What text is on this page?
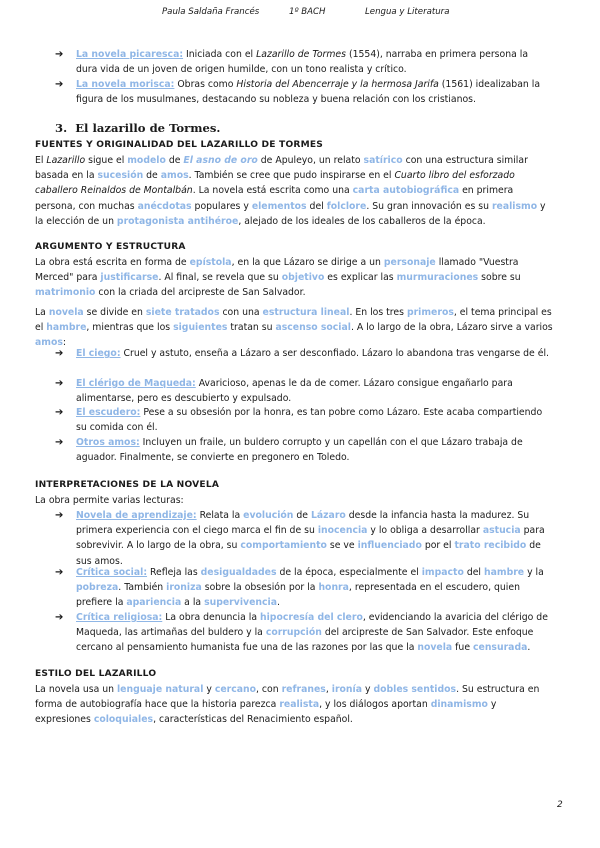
Paula Saldaña Francés	1º BACH	Lengua y Literatura
➔ La novela picaresca: Iniciada con el Lazarillo de Tormes (1554), narraba en primera persona la dura vida de un joven de origen humilde, con un tono realista y crítico.
➔ La novela morisca: Obras como Historia del Abencerraje y la hermosa Jarifa (1561) idealizaban la figura de los musulmanes, destacando su nobleza y buena relación con los cristianos.
3. El lazarillo de Tormes.
FUENTES Y ORIGINALIDAD DEL LAZARILLO DE TORMES
El Lazarillo sigue el modelo de El asno de oro de Apuleyo, un relato satírico con una estructura similar basada en la sucesión de amos. También se cree que pudo inspirarse en el Cuarto libro del esforzado caballero Reinaldos de Montalbán. La novela está escrita como una carta autobiográfica en primera persona, con muchas anécdotas populares y elementos del folclore. Su gran innovación es su realismo y la elección de un protagonista antihéroe, alejado de los ideales de los caballeros de la época.
ARGUMENTO Y ESTRUCTURA
La obra está escrita en forma de epístola, en la que Lázaro se dirige a un personaje llamado "Vuestra Merced" para justificarse. Al final, se revela que su objetivo es explicar las murmuraciones sobre su matrimonio con la criada del arcipreste de San Salvador.
La novela se divide en siete tratados con una estructura lineal. En los tres primeros, el tema principal es el hambre, mientras que los siguientes tratan su ascenso social. A lo largo de la obra, Lázaro sirve a varios amos:
➔ El ciego: Cruel y astuto, enseña a Lázaro a ser desconfiado. Lázaro lo abandona tras vengarse de él.
➔ El clérigo de Maqueda: Avaricioso, apenas le da de comer. Lázaro consigue engañarlo para alimentarse, pero es descubierto y expulsado.
➔ El escudero: Pese a su obsesión por la honra, es tan pobre como Lázaro. Este acaba compartiendo su comida con él.
➔ Otros amos: Incluyen un fraile, un buldero corrupto y un capellán con el que Lázaro trabaja de aguador. Finalmente, se convierte en pregonero en Toledo.
INTERPRETACIONES DE LA NOVELA
La obra permite varias lecturas:
➔ Novela de aprendizaje: Relata la evolución de Lázaro desde la infancia hasta la madurez. Su primera experiencia con el ciego marca el fin de su inocencia y lo obliga a desarrollar astucia para sobrevivir. A lo largo de la obra, su comportamiento se ve influenciado por el trato recibido de sus amos.
➔ Crítica social: Refleja las desigualdades de la época, especialmente el impacto del hambre y la pobreza. También ironiza sobre la obsesión por la honra, representada en el escudero, quien prefiere la apariencia a la supervivencia.
➔ Crítica religiosa: La obra denuncia la hipocresía del clero, evidenciando la avaricia del clérigo de Maqueda, las artimañas del buldero y la corrupción del arcipreste de San Salvador. Este enfoque cercano al pensamiento humanista fue una de las razones por las que la novela fue censurada.
ESTILO DEL LAZARILLO
La novela usa un lenguaje natural y cercano, con refranes, ironía y dobles sentidos. Su estructura en forma de autobiografía hace que la historia parezca realista, y los diálogos aportan dinamismo y expresiones coloquiales, características del Renacimiento español.
2
